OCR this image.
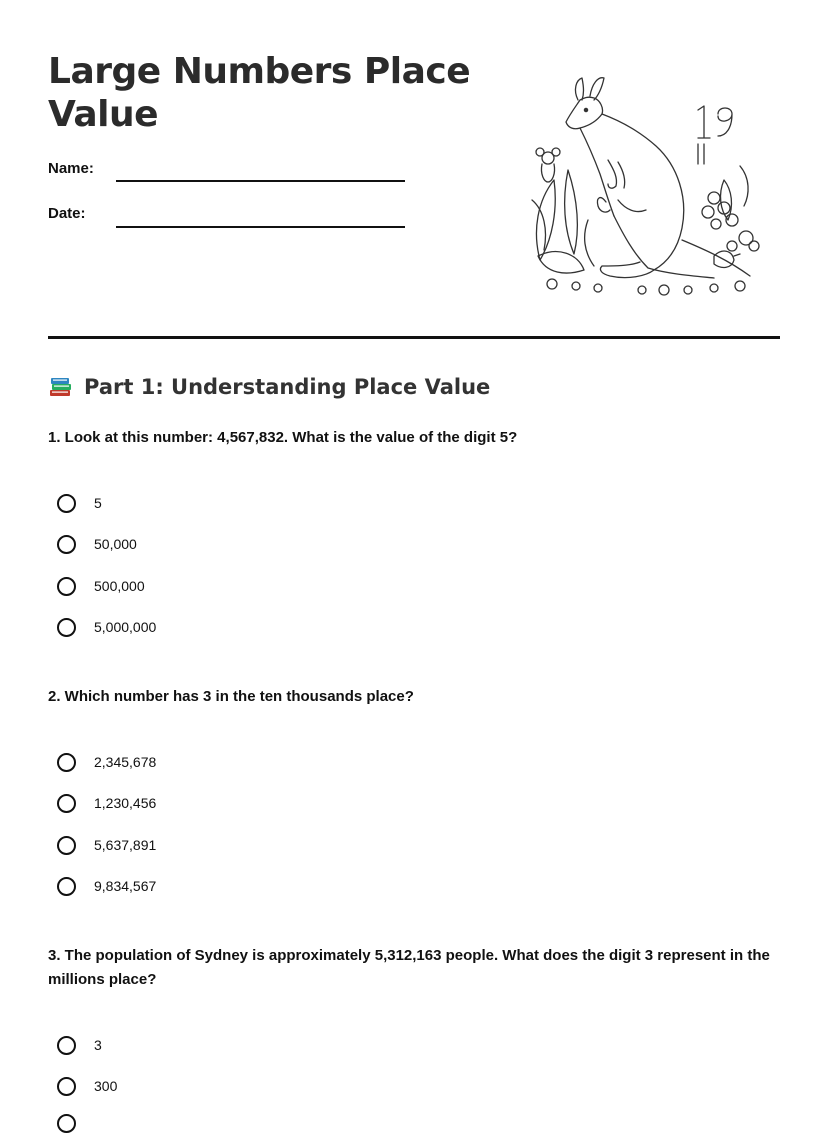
Large Numbers Place Value
Name:
Date:
Part 1: Understanding Place Value

1. Look at this number: 4,567,832. What is the value of the digit 5?

5
50,000
500,000
5,000,000

2. Which number has 3 in the ten thousands place?

2,345,678
1,230,456
5,637,891
9,834,567

3. The population of Sydney is approximately 5,312,163 people. What does the digit 3 represent in the millions place?

3
300
